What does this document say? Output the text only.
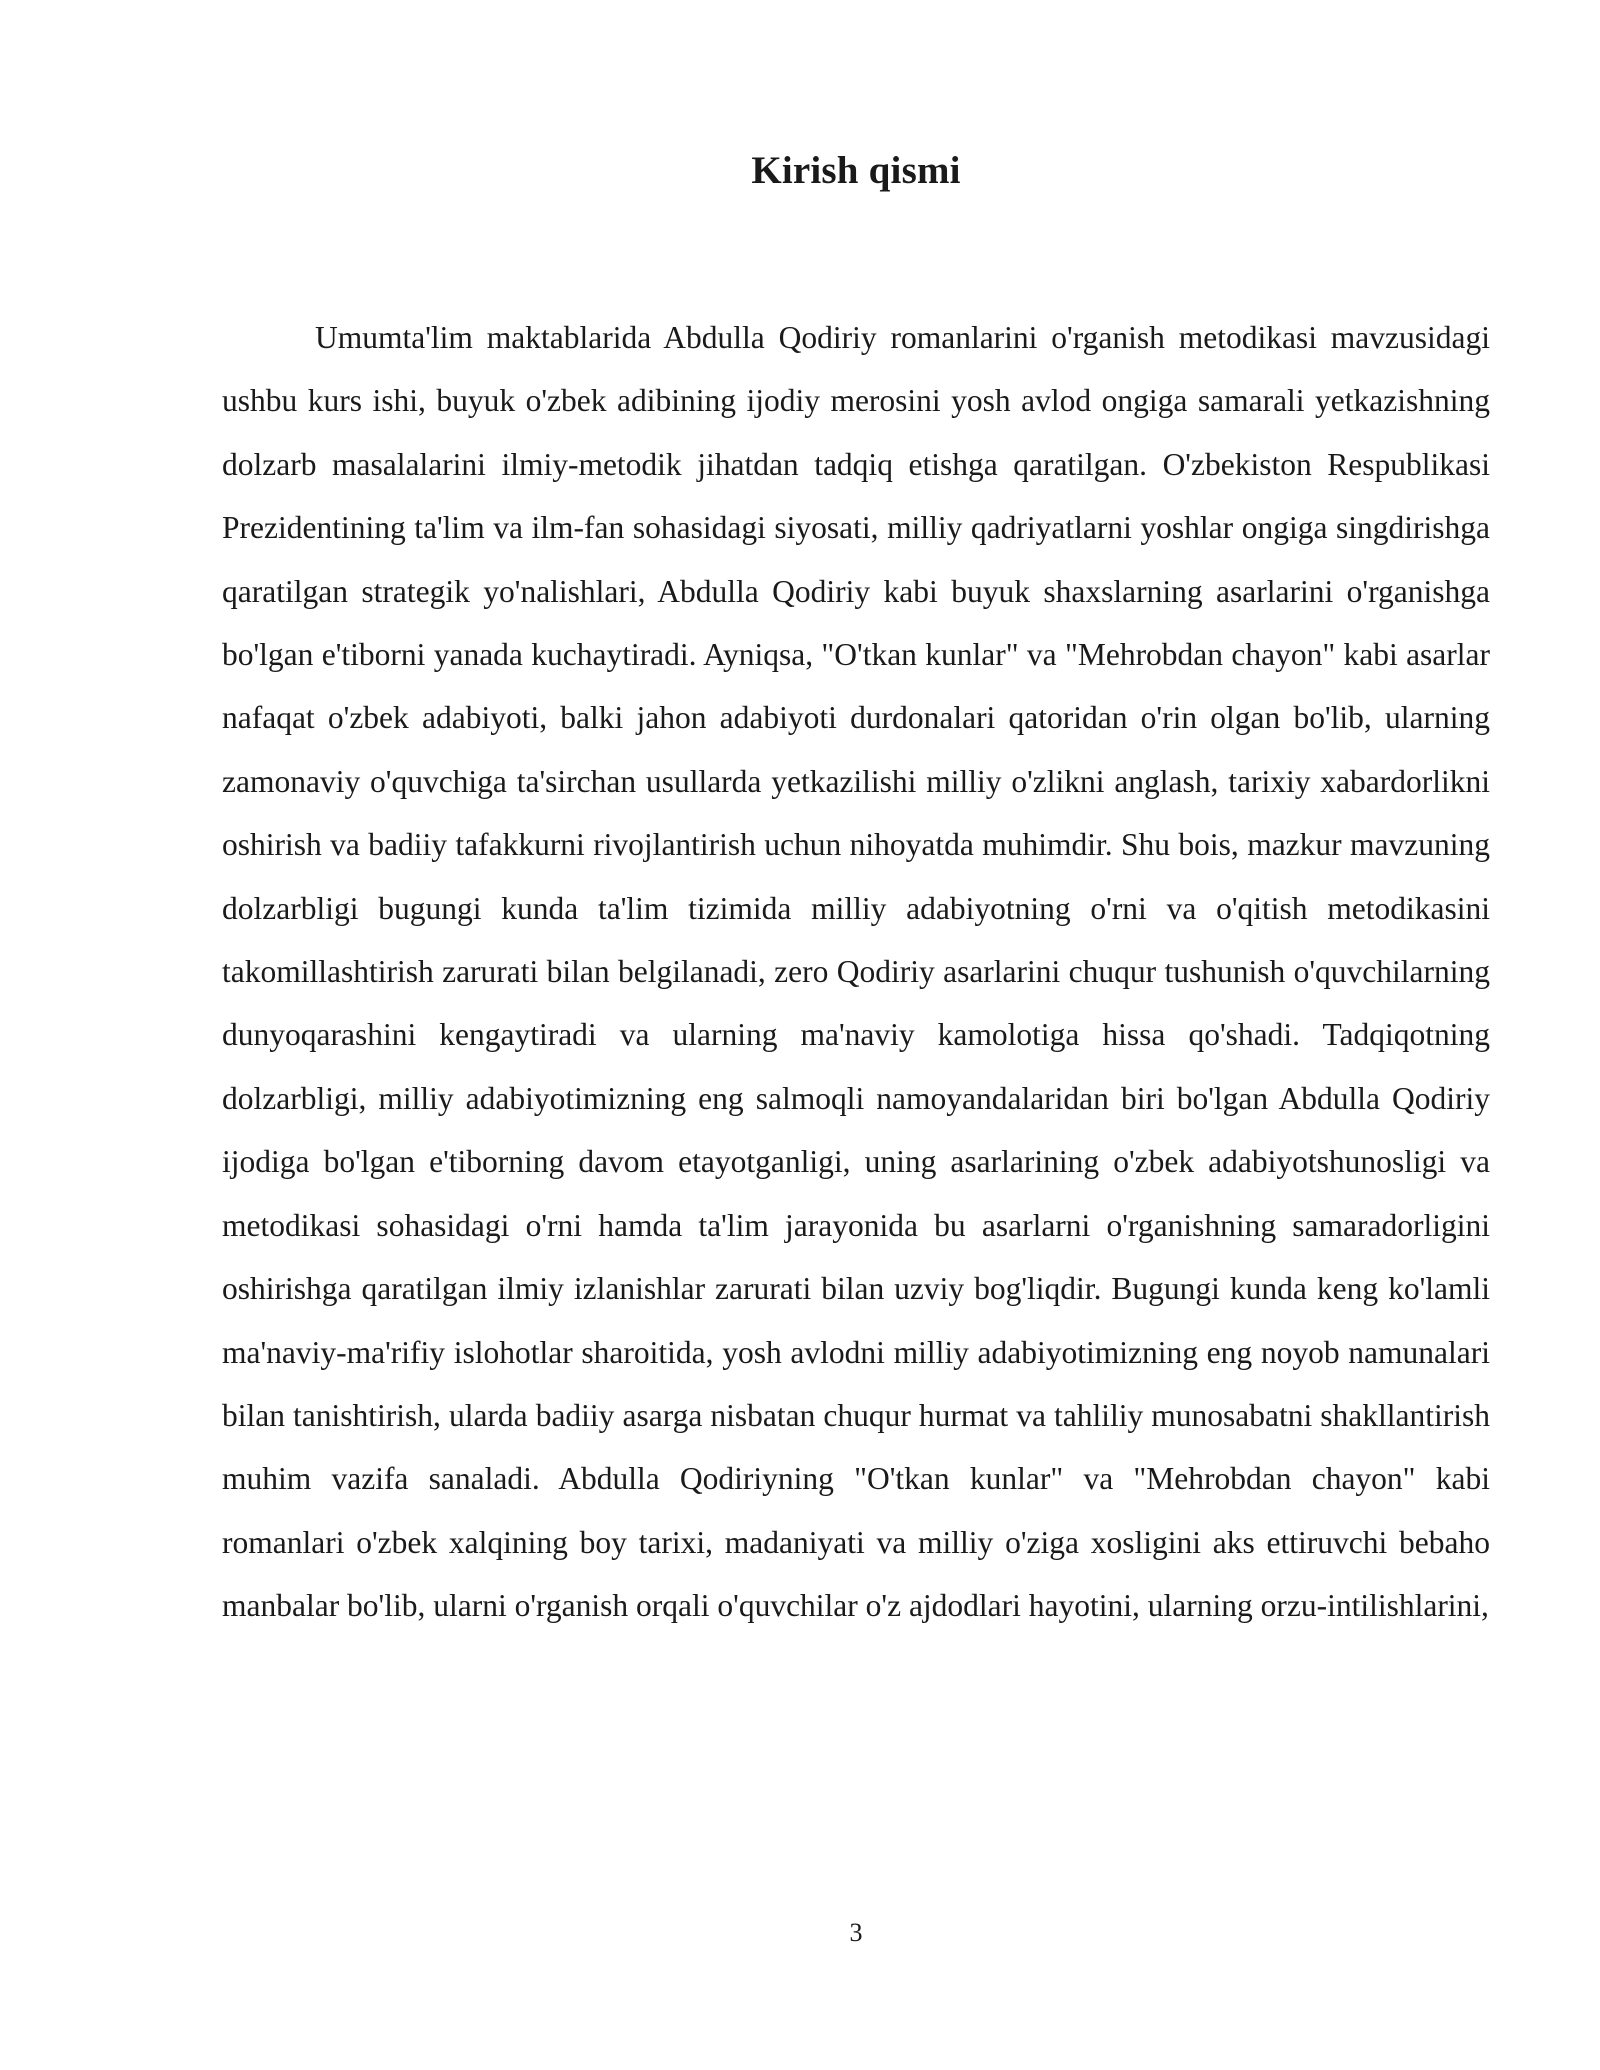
Kirish qismi

Umumta'lim maktablarida Abdulla Qodiriy romanlarini o'rganish metodikasi mavzusidagi ushbu kurs ishi, buyuk o'zbek adibining ijodiy merosini yosh avlod ongiga samarali yetkazishning dolzarb masalalarini ilmiy-metodik jihatdan tadqiq etishga qaratilgan. O'zbekiston Respublikasi Prezidentining ta'lim va ilm-fan sohasidagi siyosati, milliy qadriyatlarni yoshlar ongiga singdirishga qaratilgan strategik yo'nalishlari, Abdulla Qodiriy kabi buyuk shaxslarning asarlarini o'rganishga bo'lgan e'tiborni yanada kuchaytiradi. Ayniqsa, "O'tkan kunlar" va "Mehrobdan chayon" kabi asarlar nafaqat o'zbek adabiyoti, balki jahon adabiyoti durdonalari qatoridan o'rin olgan bo'lib, ularning zamonaviy o'quvchiga ta'sirchan usullarda yetkazilishi milliy o'zlikni anglash, tarixiy xabardorlikni oshirish va badiiy tafakkurni rivojlantirish uchun nihoyatda muhimdir. Shu bois, mazkur mavzuning dolzarbligi bugungi kunda ta'lim tizimida milliy adabiyotning o'rni va o'qitish metodikasini takomillashtirish zarurati bilan belgilanadi, zero Qodiriy asarlarini chuqur tushunish o'quvchilarning dunyoqarashini kengaytiradi va ularning ma'naviy kamolotiga hissa qo'shadi. Tadqiqotning dolzarbligi, milliy adabiyotimizning eng salmoqli namoyandalaridan biri bo'lgan Abdulla Qodiriy ijodiga bo'lgan e'tiborning davom etayotganligi, uning asarlarining o'zbek adabiyotshunosligi va metodikasi sohasidagi o'rni hamda ta'lim jarayonida bu asarlarni o'rganishning samaradorligini oshirishga qaratilgan ilmiy izlanishlar zarurati bilan uzviy bog'liqdir. Bugungi kunda keng ko'lamli ma'naviy-ma'rifiy islohotlar sharoitida, yosh avlodni milliy adabiyotimizning eng noyob namunalari bilan tanishtirish, ularda badiiy asarga nisbatan chuqur hurmat va tahliliy munosabatni shakllantirish muhim vazifa sanaladi. Abdulla Qodiriyning "O'tkan kunlar" va "Mehrobdan chayon" kabi romanlari o'zbek xalqining boy tarixi, madaniyati va milliy o'ziga xosligini aks ettiruvchi bebaho manbalar bo'lib, ularni o'rganish orqali o'quvchilar o'z ajdodlari hayotini, ularning orzu-intilishlarini,

3
